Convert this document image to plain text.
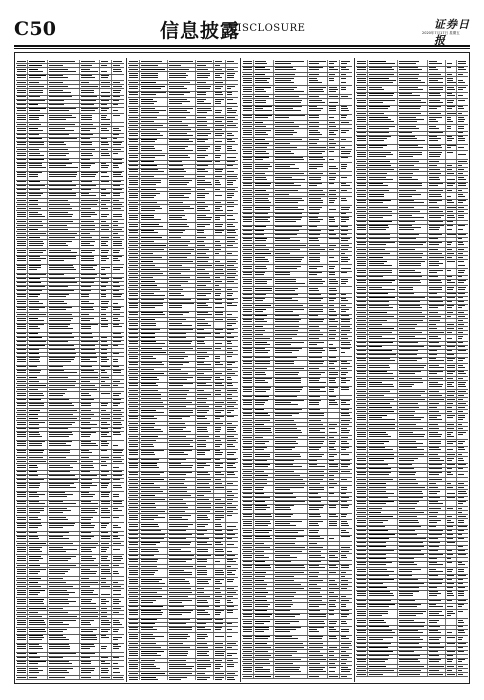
C50	信息披露
DISCLOSURE	证券日报
2020年7月17日 星期五
